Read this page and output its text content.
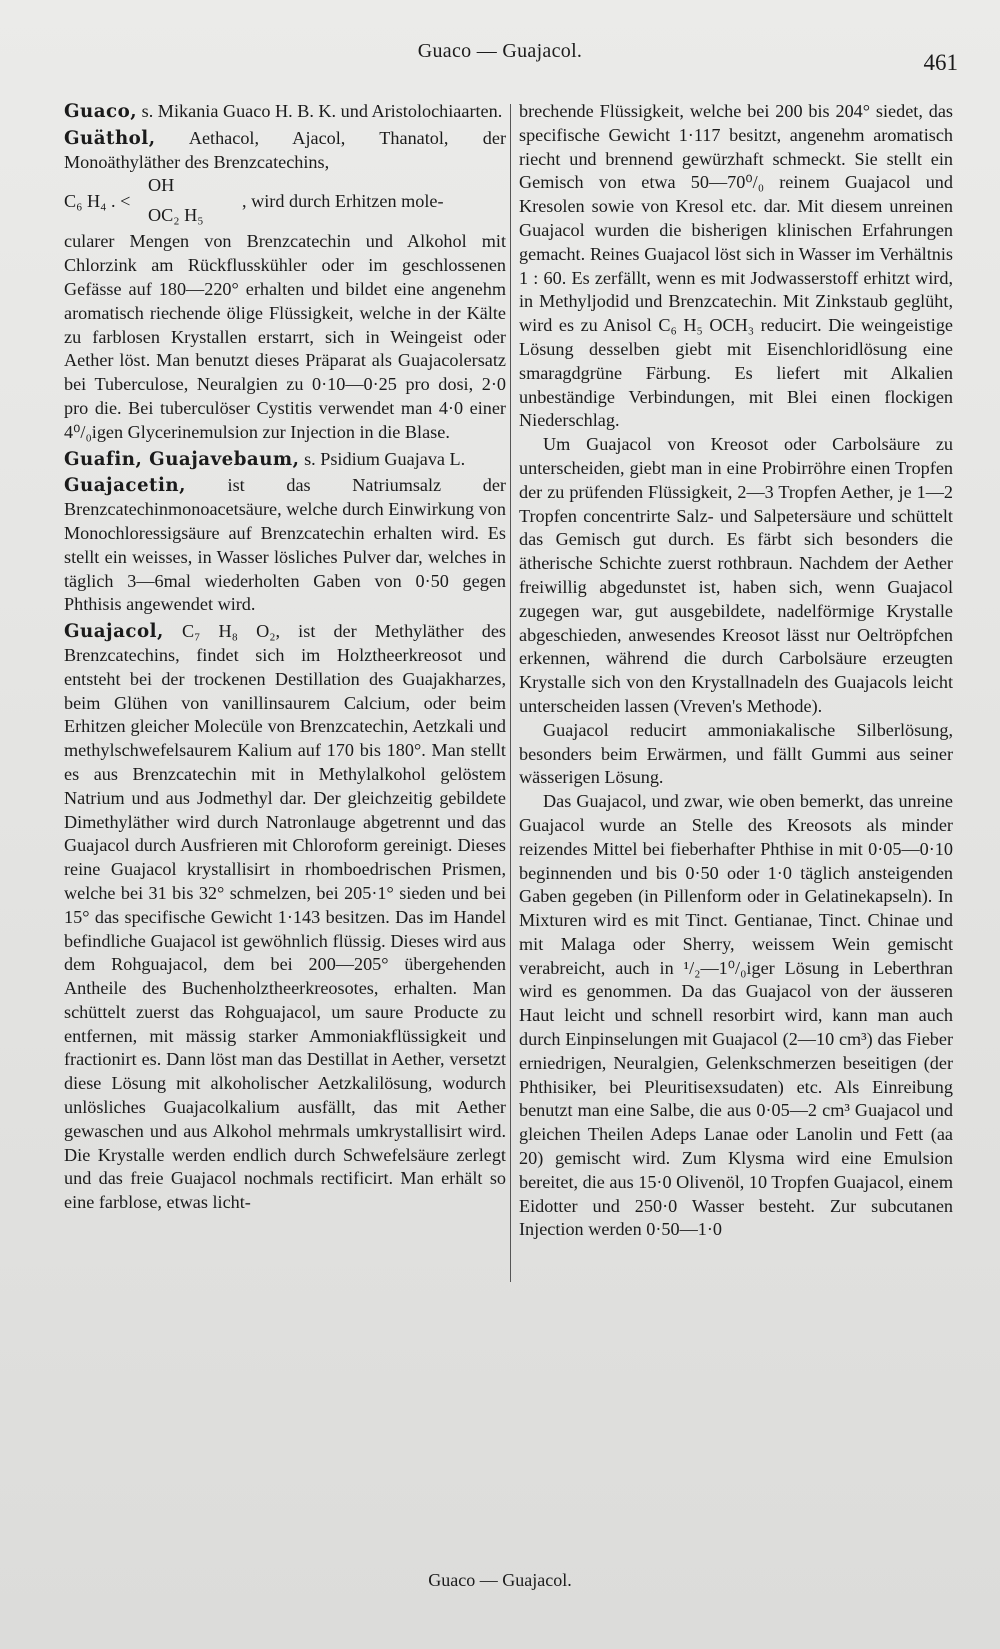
Guaco — Guajacol.	461

Guaco, s. Mikania Guaco H. B. K. und Aristolochiaarten.

Guäthol, Aethacol, Ajacol, Thanatol, der Monoäthyläther des Brenzcatechins,

C₆ H₄ . <
OH
OC₂ H₅
, wird durch Erhitzen mole-

cularer Mengen von Brenzcatechin und Alkohol mit Chlorzink am Rückflusskühler oder im geschlossenen Gefässe auf 180—220° erhalten und bildet eine angenehm aromatisch riechende ölige Flüssigkeit, welche in der Kälte zu farblosen Krystallen erstarrt, sich in Weingeist oder Aether löst. Man benutzt dieses Präparat als Guajacolersatz bei Tuberculose, Neuralgien zu 0·10—0·25 pro dosi, 2·0 pro die. Bei tuberculöser Cystitis verwendet man 4·0 einer 4⁰/₀igen Glycerinemulsion zur Injection in die Blase.

Guafin, Guajavebaum, s. Psidium Guajava L.

Guajacetin, ist das Natriumsalz der Brenzcatechinmonoacetsäure, welche durch Einwirkung von Monochloressigsäure auf Brenzcatechin erhalten wird. Es stellt ein weisses, in Wasser lösliches Pulver dar, welches in täglich 3—6mal wiederholten Gaben von 0·50 gegen Phthisis angewendet wird.

Guajacol, C₇ H₈ O₂, ist der Methyläther des Brenzcatechins, findet sich im Holztheerkreosot und entsteht bei der trockenen Destillation des Guajakharzes, beim Glühen von vanillinsaurem Calcium, oder beim Erhitzen gleicher Molecüle von Brenzcatechin, Aetzkali und methylschwefelsaurem Kalium auf 170 bis 180°. Man stellt es aus Brenzcatechin mit in Methylalkohol gelöstem Natrium und aus Jodmethyl dar. Der gleichzeitig gebildete Dimethyläther wird durch Natronlauge abgetrennt und das Guajacol durch Ausfrieren mit Chloroform gereinigt. Dieses reine Guajacol krystallisirt in rhomboedrischen Prismen, welche bei 31 bis 32° schmelzen, bei 205·1° sieden und bei 15° das specifische Gewicht 1·143 besitzen. Das im Handel befindliche Guajacol ist gewöhnlich flüssig. Dieses wird aus dem Rohguajacol, dem bei 200—205° übergehenden Antheile des Buchenholztheerkreosotes, erhalten. Man schüttelt zuerst das Rohguajacol, um saure Producte zu entfernen, mit mässig starker Ammoniakflüssigkeit und fractionirt es. Dann löst man das Destillat in Aether, versetzt diese Lösung mit alkoholischer Aetzkalilösung, wodurch unlösliches Guajacolkalium ausfällt, das mit Aether gewaschen und aus Alkohol mehrmals umkrystallisirt wird. Die Krystalle werden endlich durch Schwefelsäure zerlegt und das freie Guajacol nochmals rectificirt. Man erhält so eine farblose, etwas licht-

brechende Flüssigkeit, welche bei 200 bis 204° siedet, das specifische Gewicht 1·117 besitzt, angenehm aromatisch riecht und brennend gewürzhaft schmeckt. Sie stellt ein Gemisch von etwa 50—70⁰/₀ reinem Guajacol und Kresolen sowie von Kresol etc. dar. Mit diesem unreinen Guajacol wurden die bisherigen klinischen Erfahrungen gemacht. Reines Guajacol löst sich in Wasser im Verhältnis 1 : 60. Es zerfällt, wenn es mit Jodwasserstoff erhitzt wird, in Methyljodid und Brenzcatechin. Mit Zinkstaub geglüht, wird es zu Anisol C₆ H₅ OCH₃ reducirt. Die weingeistige Lösung desselben giebt mit Eisenchloridlösung eine smaragdgrüne Färbung. Es liefert mit Alkalien unbeständige Verbindungen, mit Blei einen flockigen Niederschlag.

Um Guajacol von Kreosot oder Carbolsäure zu unterscheiden, giebt man in eine Probirröhre einen Tropfen der zu prüfenden Flüssigkeit, 2—3 Tropfen Aether, je 1—2 Tropfen concentrirte Salz- und Salpetersäure und schüttelt das Gemisch gut durch. Es färbt sich besonders die ätherische Schichte zuerst rothbraun. Nachdem der Aether freiwillig abgedunstet ist, haben sich, wenn Guajacol zugegen war, gut ausgebildete, nadelförmige Krystalle abgeschieden, anwesendes Kreosot lässt nur Oeltröpfchen erkennen, während die durch Carbolsäure erzeugten Krystalle sich von den Krystallnadeln des Guajacols leicht unterscheiden lassen (Vreven's Methode).

Guajacol reducirt ammoniakalische Silberlösung, besonders beim Erwärmen, und fällt Gummi aus seiner wässerigen Lösung.

Das Guajacol, und zwar, wie oben bemerkt, das unreine Guajacol wurde an Stelle des Kreosots als minder reizendes Mittel bei fieberhafter Phthise in mit 0·05—0·10 beginnenden und bis 0·50 oder 1·0 täglich ansteigenden Gaben gegeben (in Pillenform oder in Gelatinekapseln). In Mixturen wird es mit Tinct. Gentianae, Tinct. Chinae und mit Malaga oder Sherry, weissem Wein gemischt verabreicht, auch in ¹/₂—1⁰/₀iger Lösung in Leberthran wird es genommen. Da das Guajacol von der äusseren Haut leicht und schnell resorbirt wird, kann man auch durch Einpinselungen mit Guajacol (2—10 cm³) das Fieber erniedrigen, Neuralgien, Gelenkschmerzen beseitigen (der Phthisiker, bei Pleuritisexsudaten) etc. Als Einreibung benutzt man eine Salbe, die aus 0·05—2 cm³ Guajacol und gleichen Theilen Adeps Lanae oder Lanolin und Fett (aa 20) gemischt wird. Zum Klysma wird eine Emulsion bereitet, die aus 15·0 Olivenöl, 10 Tropfen Guajacol, einem Eidotter und 250·0 Wasser besteht. Zur subcutanen Injection werden 0·50—1·0

Guaco — Guajacol.
